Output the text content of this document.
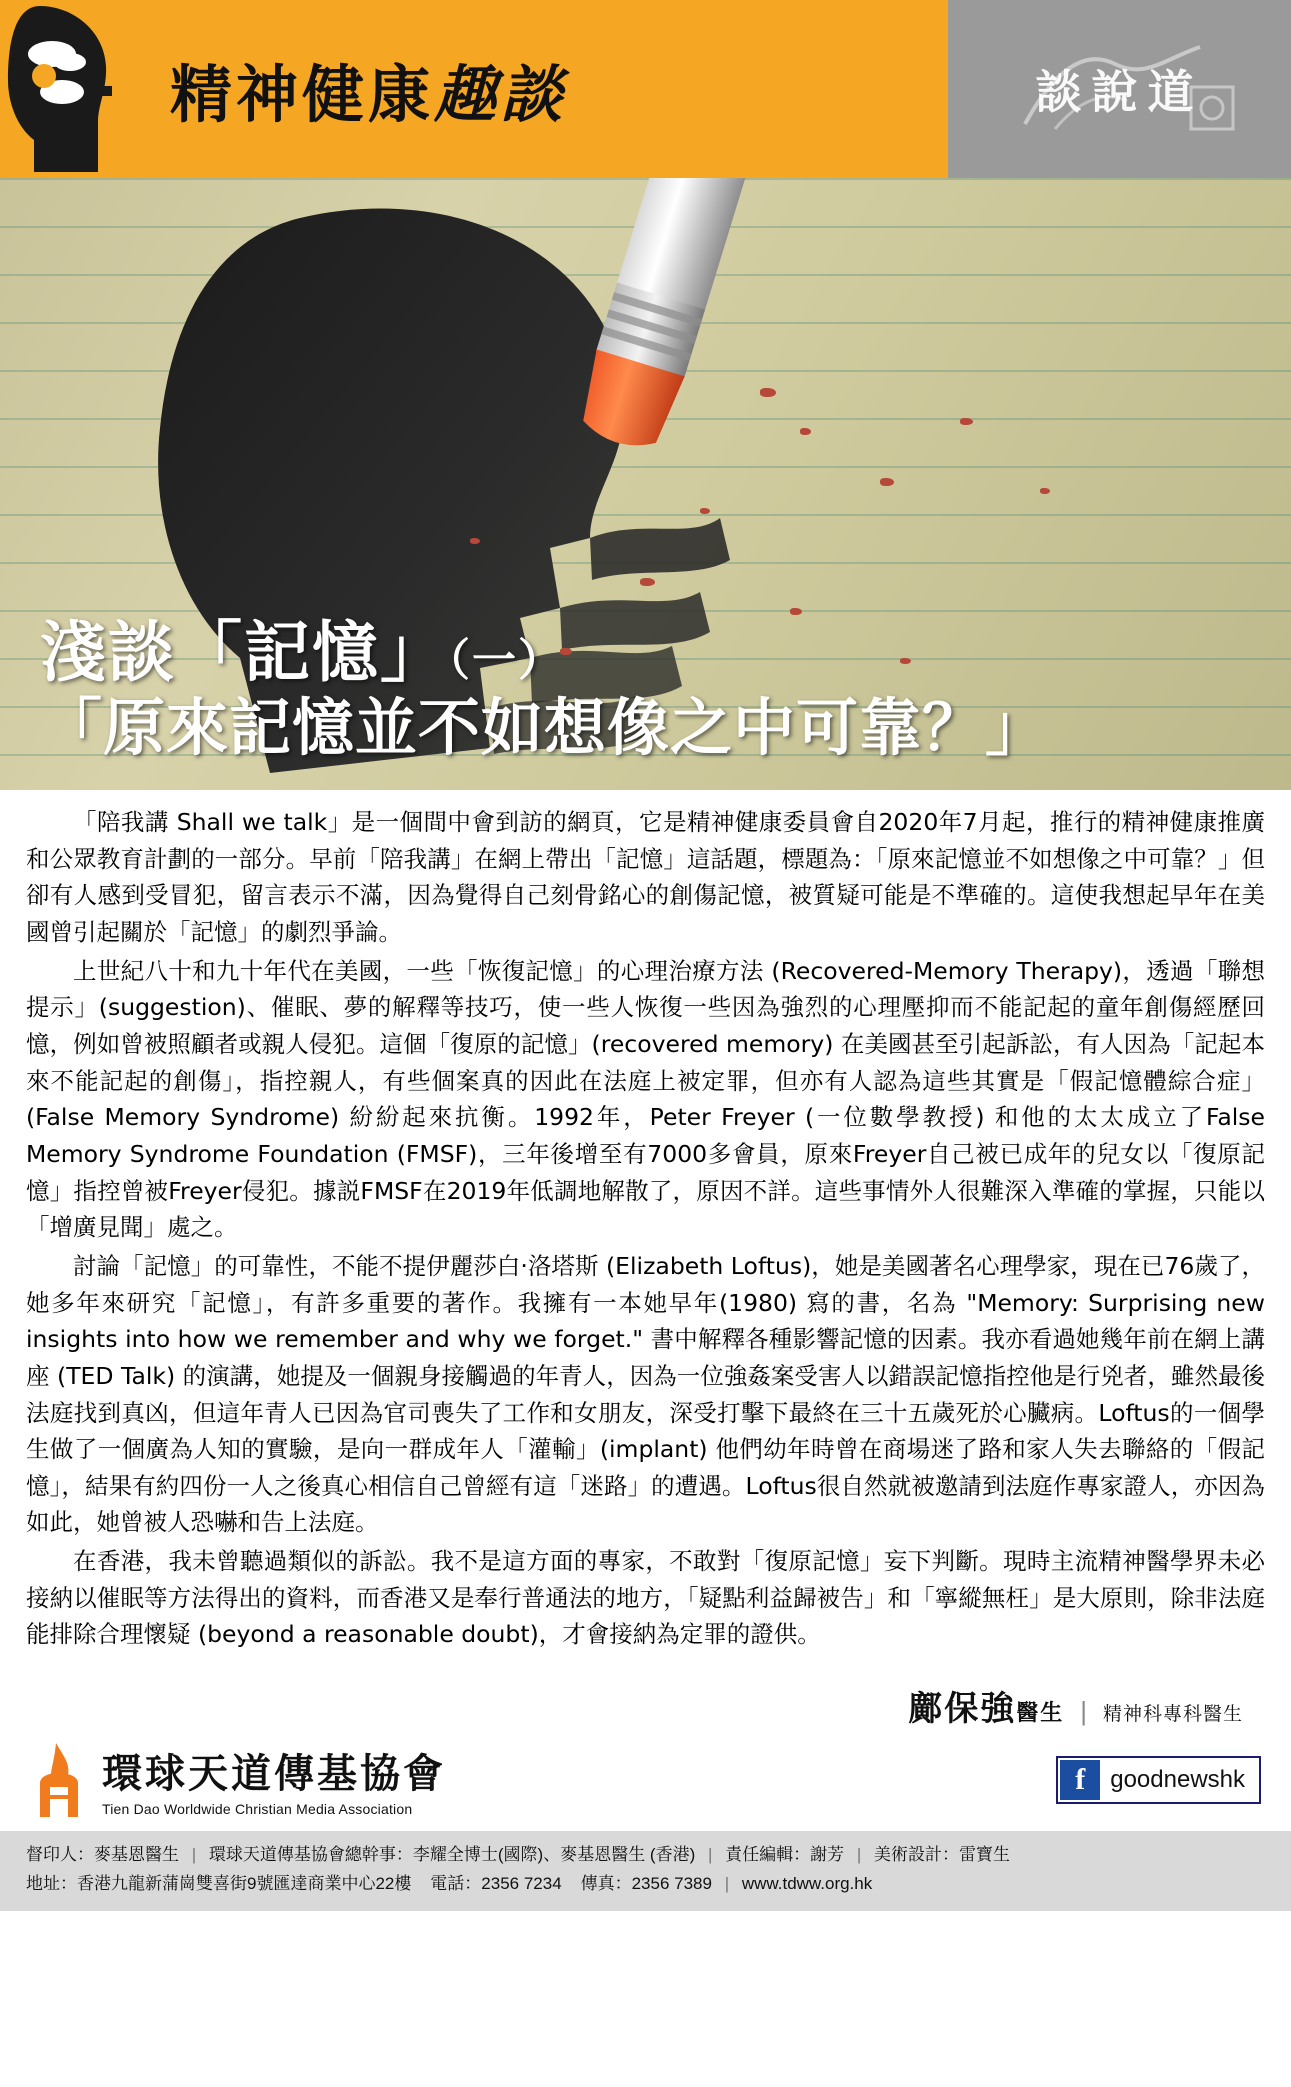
精神健康趣談	談說道
淺談「記憶」（一）
「原來記憶並不如想像之中可靠？」

「陪我講 Shall we talk」是一個間中會到訪的網頁，它是精神健康委員會自2020年7月起，推行的精神健康推廣和公眾教育計劃的一部分。早前「陪我講」在網上帶出「記憶」這話題，標題為：「原來記憶並不如想像之中可靠？」但卻有人感到受冒犯，留言表示不滿，因為覺得自己刻骨銘心的創傷記憶，被質疑可能是不準確的。這使我想起早年在美國曾引起關於「記憶」的劇烈爭論。

上世紀八十和九十年代在美國，一些「恢復記憶」的心理治療方法 (Recovered-Memory Therapy)，透過「聯想提示」(suggestion)、催眠、夢的解釋等技巧，使一些人恢復一些因為強烈的心理壓抑而不能記起的童年創傷經歷回憶，例如曾被照顧者或親人侵犯。這個「復原的記憶」(recovered memory) 在美國甚至引起訴訟，有人因為「記起本來不能記起的創傷」，指控親人，有些個案真的因此在法庭上被定罪，但亦有人認為這些其實是「假記憶體綜合症」(False Memory Syndrome) 紛紛起來抗衡。1992年，Peter Freyer (一位數學教授) 和他的太太成立了False Memory Syndrome Foundation (FMSF)，三年後增至有7000多會員，原來Freyer自己被已成年的兒女以「復原記憶」指控曾被Freyer侵犯。據説FMSF在2019年低調地解散了，原因不詳。這些事情外人很難深入準確的掌握，只能以「增廣見聞」處之。

討論「記憶」的可靠性，不能不提伊麗莎白‧洛塔斯 (Elizabeth Loftus)，她是美國著名心理學家，現在已76歲了，她多年來研究「記憶」，有許多重要的著作。我擁有一本她早年(1980) 寫的書，名為 "Memory: Surprising new insights into how we remember and why we forget." 書中解釋各種影響記憶的因素。我亦看過她幾年前在網上講座 (TED Talk) 的演講，她提及一個親身接觸過的年青人，因為一位強姦案受害人以錯誤記憶指控他是行兇者，雖然最後法庭找到真凶，但這年青人已因為官司喪失了工作和女朋友，深受打擊下最終在三十五歲死於心臟病。Loftus的一個學生做了一個廣為人知的實驗，是向一群成年人「灌輸」(implant) 他們幼年時曾在商場迷了路和家人失去聯絡的「假記憶」，結果有約四份一人之後真心相信自己曾經有這「迷路」的遭遇。Loftus很自然就被邀請到法庭作專家證人，亦因為如此，她曾被人恐嚇和告上法庭。

在香港，我未曾聽過類似的訴訟。我不是這方面的專家，不敢對「復原記憶」妄下判斷。現時主流精神醫學界未必接納以催眠等方法得出的資料，而香港又是奉行普通法的地方，「疑點利益歸被告」和「寧縱無枉」是大原則，除非法庭能排除合理懷疑 (beyond a reasonable doubt)，才會接納為定罪的證供。

鄺保強醫生 | 精神科專科醫生
環球天道傳基協會
Tien Dao Worldwide Christian Media Association
f	goodnewshk
督印人：麥基恩醫生 | 環球天道傳基協會總幹事：李耀全博士(國際)、麥基恩醫生 (香港) | 責任編輯：謝芳 | 美術設計：雷寶生
地址：香港九龍新蒲崗雙喜街9號匯達商業中心22樓 電話：2356 7234 傳真：2356 7389 | www.tdww.org.hk
